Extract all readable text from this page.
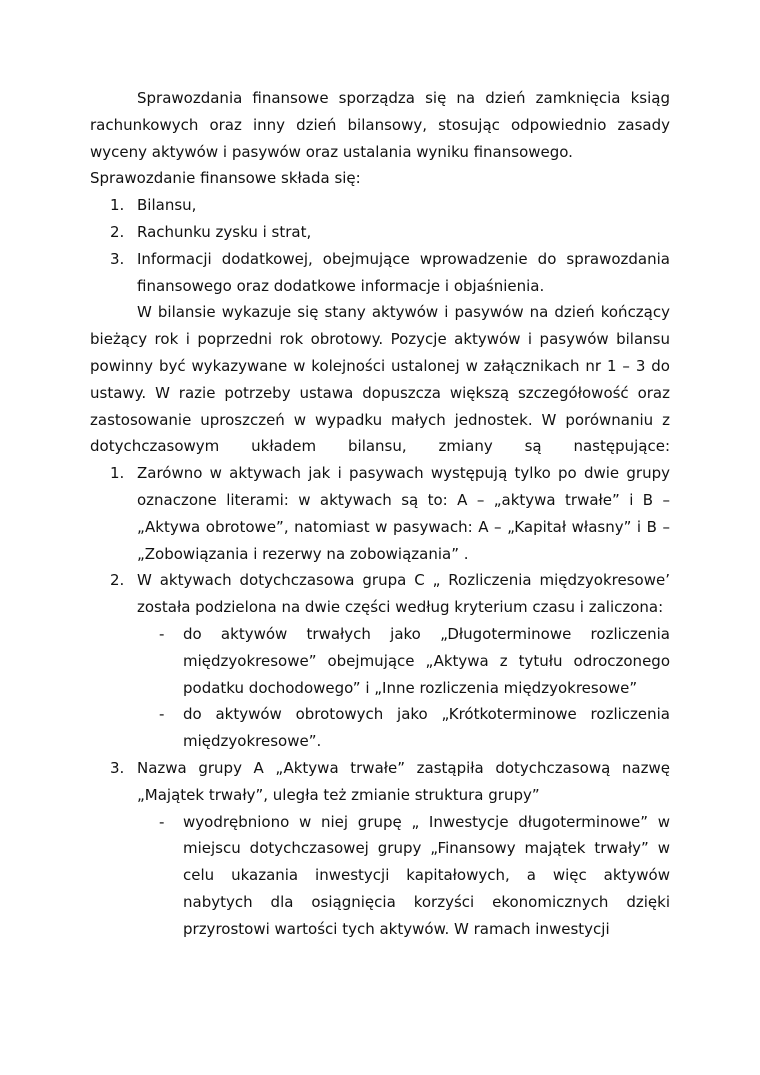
Sprawozdania finansowe sporządza się na dzień zamknięcia ksiąg rachunkowych oraz inny dzień bilansowy, stosując odpowiednio zasady wyceny aktywów i pasywów oraz ustalania wyniku finansowego.

Sprawozdanie finansowe składa się:

1. Bilansu,
2. Rachunku zysku i strat,
3. Informacji dodatkowej, obejmujące wprowadzenie do sprawozdania finansowego oraz dodatkowe informacje i objaśnienia.

W bilansie wykazuje się stany aktywów i pasywów na dzień kończący bieżący rok i poprzedni rok obrotowy. Pozycje aktywów i pasywów bilansu powinny być wykazywane w kolejności ustalonej w załącznikach nr 1 – 3 do ustawy. W razie potrzeby ustawa dopuszcza większą szczegółowość oraz zastosowanie uproszczeń w wypadku małych jednostek. W porównaniu z dotychczasowym układem bilansu, zmiany są następujące:

1. Zarówno w aktywach jak i pasywach występują tylko po dwie grupy oznaczone literami: w aktywach są to: A – „aktywa trwałe” i B – „Aktywa obrotowe”, natomiast w pasywach: A – „Kapitał własny” i B – „Zobowiązania i rezerwy na zobowiązania” .
2. W aktywach dotychczasowa grupa C „ Rozliczenia międzyokresowe’ została podzielona na dwie części według kryterium czasu i zaliczona:
- do aktywów trwałych jako „Długoterminowe rozliczenia międzyokresowe” obejmujące „Aktywa z tytułu odroczonego podatku dochodowego” i „Inne rozliczenia międzyokresowe”
- do aktywów obrotowych jako „Krótkoterminowe rozliczenia międzyokresowe”.
3. Nazwa grupy A „Aktywa trwałe” zastąpiła dotychczasową nazwę „Majątek trwały”, uległa też zmianie struktura grupy”
- wyodrębniono w niej grupę „ Inwestycje długoterminowe” w miejscu dotychczasowej grupy „Finansowy majątek trwały” w celu ukazania inwestycji kapitałowych, a więc aktywów nabytych dla osiągnięcia korzyści ekonomicznych dzięki przyrostowi wartości tych aktywów. W ramach inwestycji
